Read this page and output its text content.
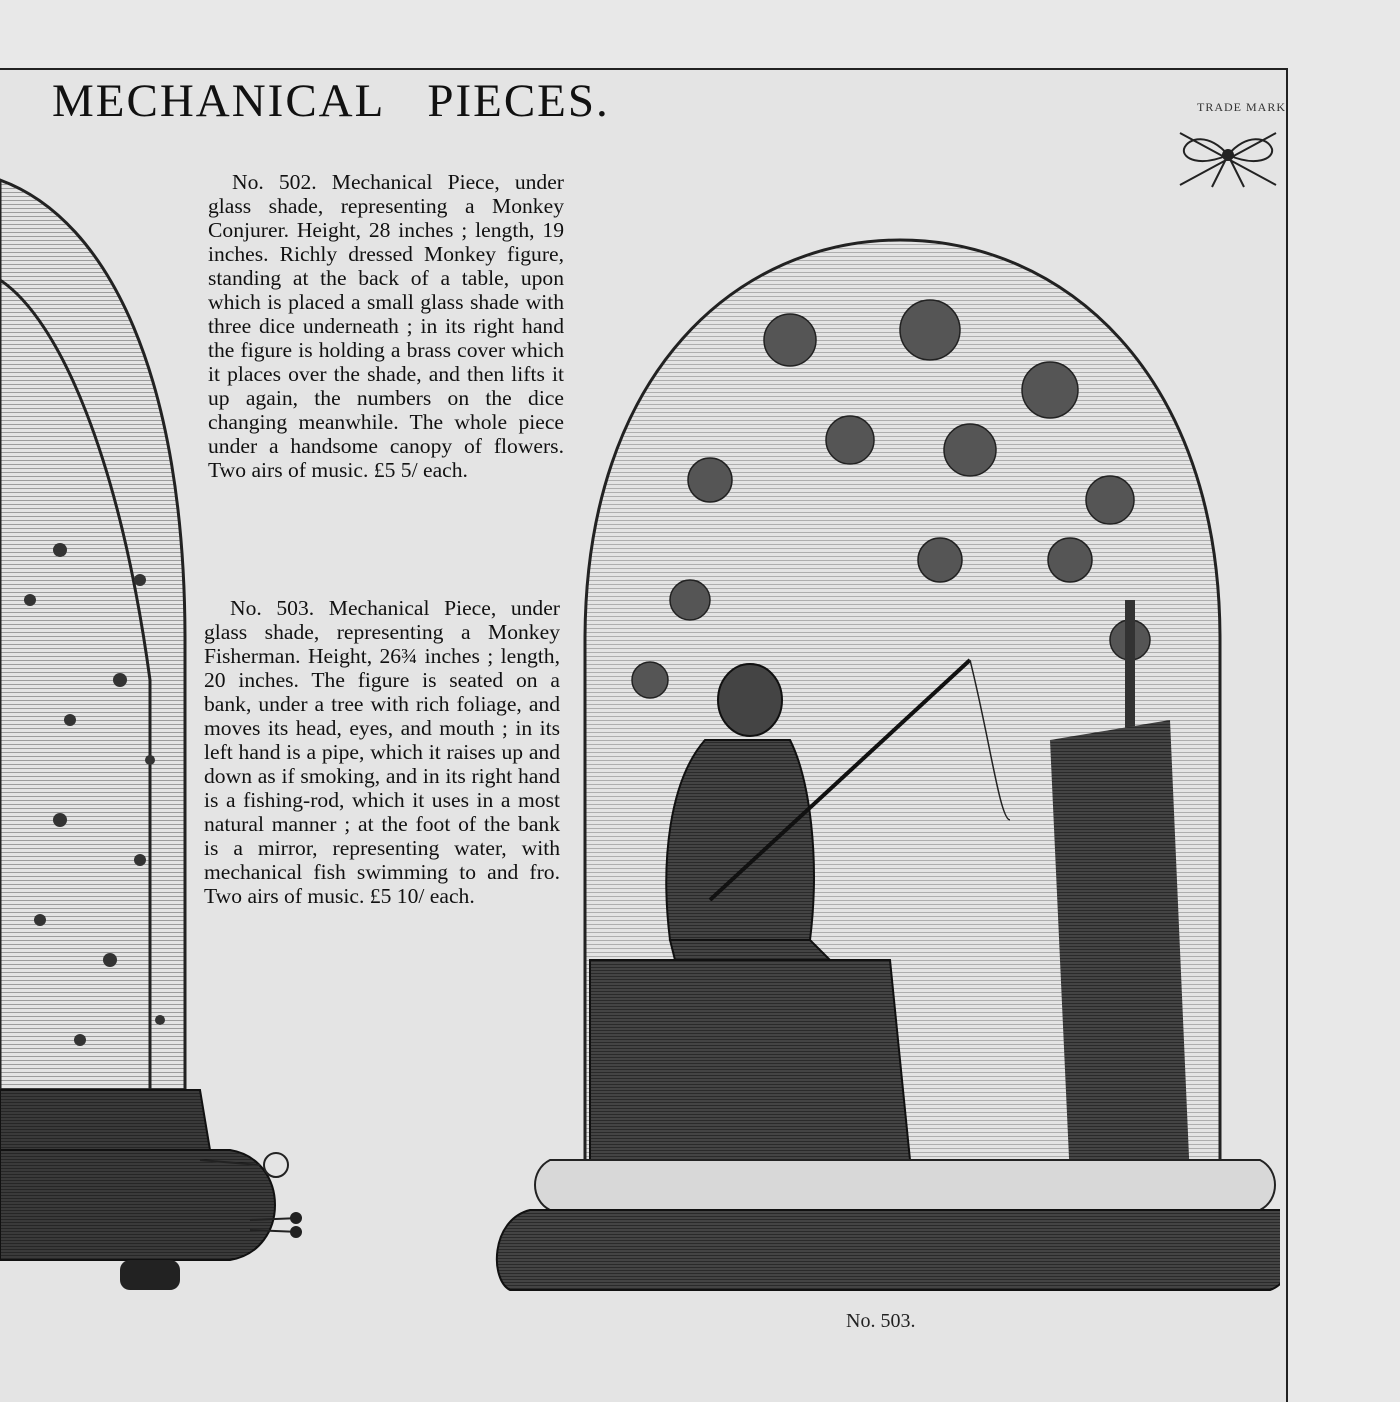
MECHANICAL PIECES.	TRADE MARK

No. 502. Mechanical Piece, under glass shade, representing a Monkey Conjurer. Height, 28 inches ; length, 19 inches. Richly dressed Monkey figure, standing at the back of a table, upon which is placed a small glass shade with three dice underneath ; in its right hand the figure is holding a brass cover which it places over the shade, and then lifts it up again, the numbers on the dice changing meanwhile. The whole piece under a handsome canopy of flowers. Two airs of music. £5 5/ each.

No. 503. Mechanical Piece, under glass shade, representing a Monkey Fisherman. Height, 26¾ inches ; length, 20 inches. The figure is seated on a bank, under a tree with rich foliage, and moves its head, eyes, and mouth ; in its left hand is a pipe, which it raises up and down as if smoking, and in its right hand is a fishing-rod, which it uses in a most natural manner ; at the foot of the bank is a mirror, representing water, with mechanical fish swimming to and fro. Two airs of music. £5 10/ each.

No. 503.
